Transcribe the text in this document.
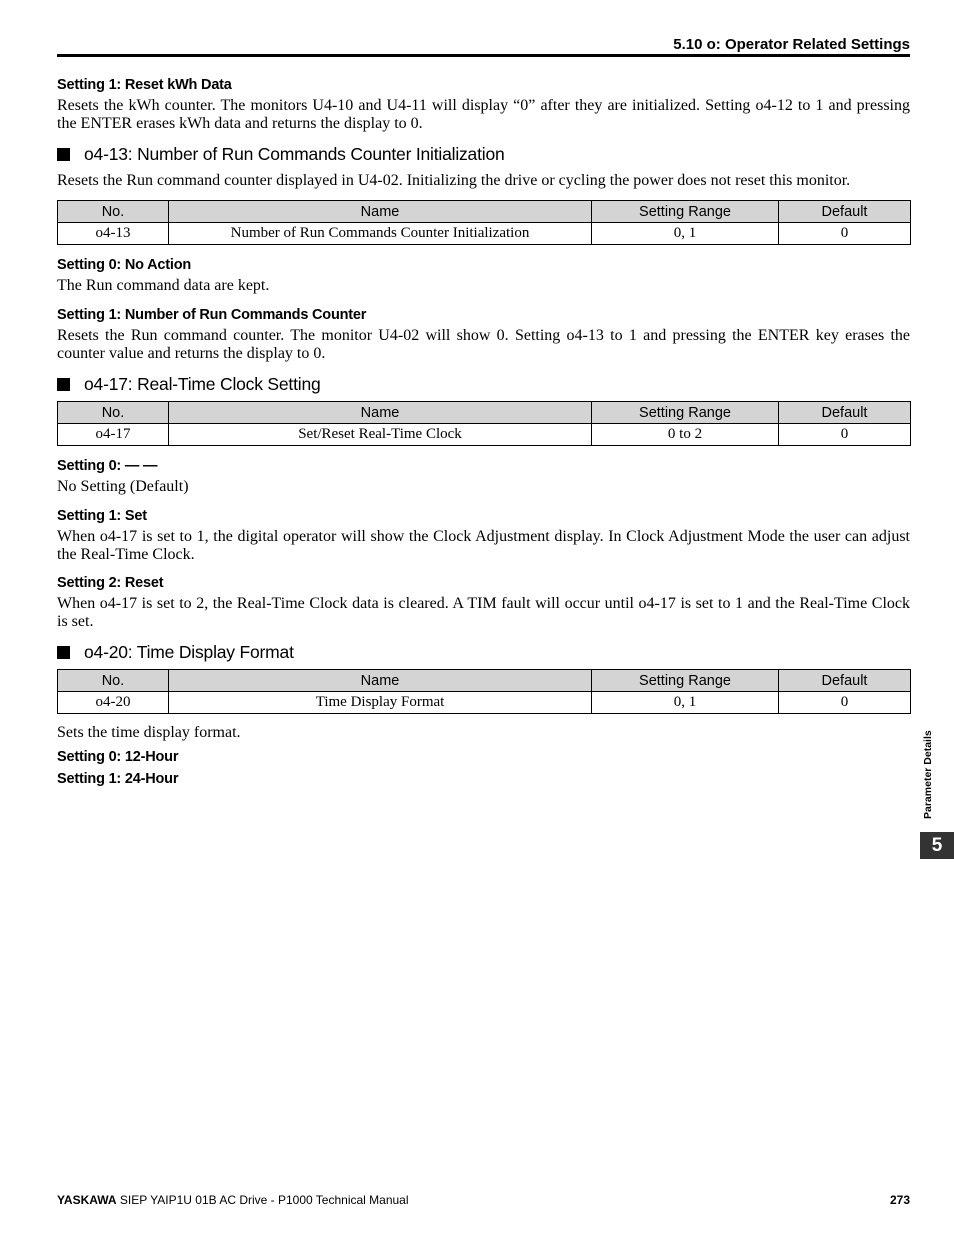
5.10 o: Operator Related Settings
Setting 1: Reset kWh Data
Resets the kWh counter. The monitors U4-10 and U4-11 will display “0” after they are initialized. Setting o4-12 to 1 and pressing the ENTER erases kWh data and returns the display to 0.
o4-13: Number of Run Commands Counter Initialization
Resets the Run command counter displayed in U4-02. Initializing the drive or cycling the power does not reset this monitor.
No.	Name	Setting Range	Default
o4-13	Number of Run Commands Counter Initialization	0, 1	0
Setting 0: No Action
The Run command data are kept.
Setting 1: Number of Run Commands Counter
Resets the Run command counter. The monitor U4-02 will show 0. Setting o4-13 to 1 and pressing the ENTER key erases the counter value and returns the display to 0.
o4-17: Real-Time Clock Setting
No.	Name	Setting Range	Default
o4-17	Set/Reset Real-Time Clock	0 to 2	0
Setting 0: — —
No Setting (Default)
Setting 1: Set
When o4-17 is set to 1, the digital operator will show the Clock Adjustment display. In Clock Adjustment Mode the user can adjust the Real-Time Clock.
Setting 2: Reset
When o4-17 is set to 2, the Real-Time Clock data is cleared. A TIM fault will occur until o4-17 is set to 1 and the Real-Time Clock is set.
o4-20: Time Display Format
No.	Name	Setting Range	Default
o4-20	Time Display Format	0, 1	0
Sets the time display format.
Setting 0: 12-Hour
Setting 1: 24-Hour	Parameter Details
5
YASKAWA SIEP YAIP1U 01B AC Drive - P1000 Technical Manual	273
